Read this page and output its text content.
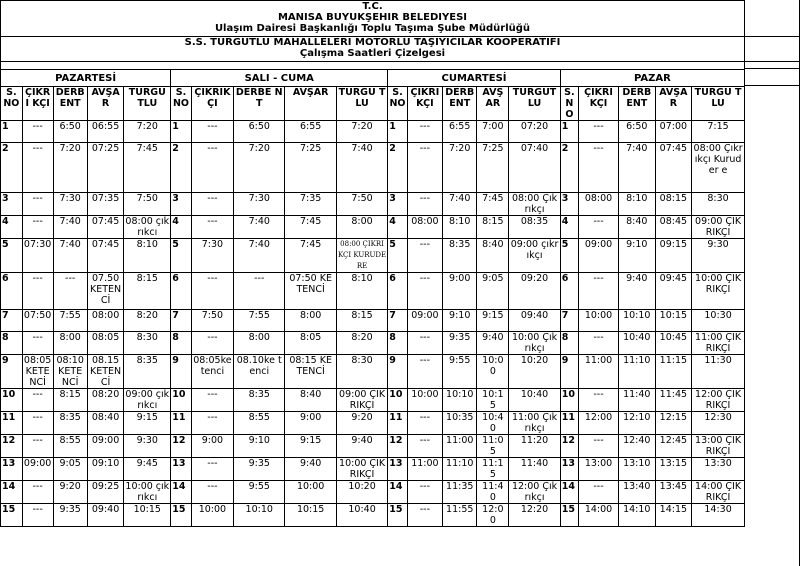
T.C.																			
MANİSA BÜYÜKŞEHİR BELEDİYESİ																			
Ulaşım Dairesi Başkanlığı Toplu Taşıma Şube Müdürlüğü																			
S.S. TURGUTLU MAHALLELERİ MOTORLU TAŞIYICILAR KOOPERATİFİ																			
Çalışma Saatleri Çizelgesi																			

PAZARTESİ					SALI - CUMA					CUMARTESİ					PAZAR				
S. NO	ÇIKRI KÇI	DERB ENT	AVŞA R	TURGU TLU	S. NO	ÇIKRIK ÇI	DERBE NT	AVŞAR	TURGU TLU	S. NO	ÇIKRI KÇI	DERB ENT	AVŞ AR	TURGUT LU	S. NO	ÇIKRI KÇI	DERB ENT	AVŞA R	TURGU TLU
1	---	6:50	06:55	7:20	1	---	6:50	6:55	7:20	1	---	6:55	7:00	07:20	1	---	6:50	07:00	7:15
2	---	7:20	07:25	7:45	2	---	7:20	7:25	7:40	2	---	7:20	7:25	07:40	2	---	7:40	07:45	08:00 Çıkrıkçı Kuruder e
3	---	7:30	07:35	7:50	3	---	7:30	7:35	7:50	3	---	7:40	7:45	08:00 Çıkrıkçı	3	08:00	8:10	08:15	8:30
4	---	7:40	07:45	08:00 çıkrıkcı	4	---	7:40	7:45	8:00	4	08:00	8:10	8:15	08:35	4	---	8:40	08:45	09:00 ÇIKRIKÇI
5	07:30	7:40	07:45	8:10	5	7:30	7:40	7:45	08:00 ÇIKRIKÇI KURUDERE	5	---	8:35	8:40	09:00 çıkrıkçı	5	09:00	9:10	09:15	9:30
6	---	---	07.50 KETEN Cİ	8:15	6	---	---	07:50 KETENCİ	8:10	6	---	9:00	9:05	09:20	6	---	9:40	09:45	10:00 ÇIKRIKÇI
7	07:50	7:55	08:00	8:20	7	7:50	7:55	8:00	8:15	7	09:00	9:10	9:15	09:40	7	10:00	10:10	10:15	10:30
8	---	8:00	08:05	8:30	8	---	8:00	8:05	8:20	8	---	9:35	9:40	10:00 Çıkrıkçı	8	---	10:40	10:45	11:00 ÇIKRIKÇI
9	08:05 KETE NCİ	08:10 KETE NCİ	08.15 KETEN Cİ	8:35	9	08:05ke tenci	08.10ke tenci	08:15 KETENCİ	8:30	9	---	9:55	10:0 0	10:20	9	11:00	11:10	11:15	11:30
10	---	8:15	08:20	09:00 çıkrıkcı	10	---	8:35	8:40	09:00 ÇIKRIKÇI	10	10:00	10:10	10:1 5	10:40	10	---	11:40	11:45	12:00 ÇIKRIKÇI
11	---	8:35	08:40	9:15	11	---	8:55	9:00	9:20	11	---	10:35	10:4 0	11:00 Çıkrıkçı	11	12:00	12:10	12:15	12:30
12	---	8:55	09:00	9:30	12	9:00	9:10	9:15	9:40	12	---	11:00	11:0 5	11:20	12	---	12:40	12:45	13:00 ÇIKRIKÇI
13	09:00	9:05	09:10	9:45	13	---	9:35	9:40	10:00 ÇIKRIKÇI	13	11:00	11:10	11:1 5	11:40	13	13:00	13:10	13:15	13:30
14	---	9:20	09:25	10:00 çıkrıkcı	14	---	9:55	10:00	10:20	14	---	11:35	11:4 0	12:00 Çıkrıkçı	14	---	13:40	13:45	14:00 ÇIKRIKÇI
15	---	9:35	09:40	10:15	15	10:00	10:10	10:15	10:40	15	---	11:55	12:0 0	12:20	15	14:00	14:10	14:15	14:30
